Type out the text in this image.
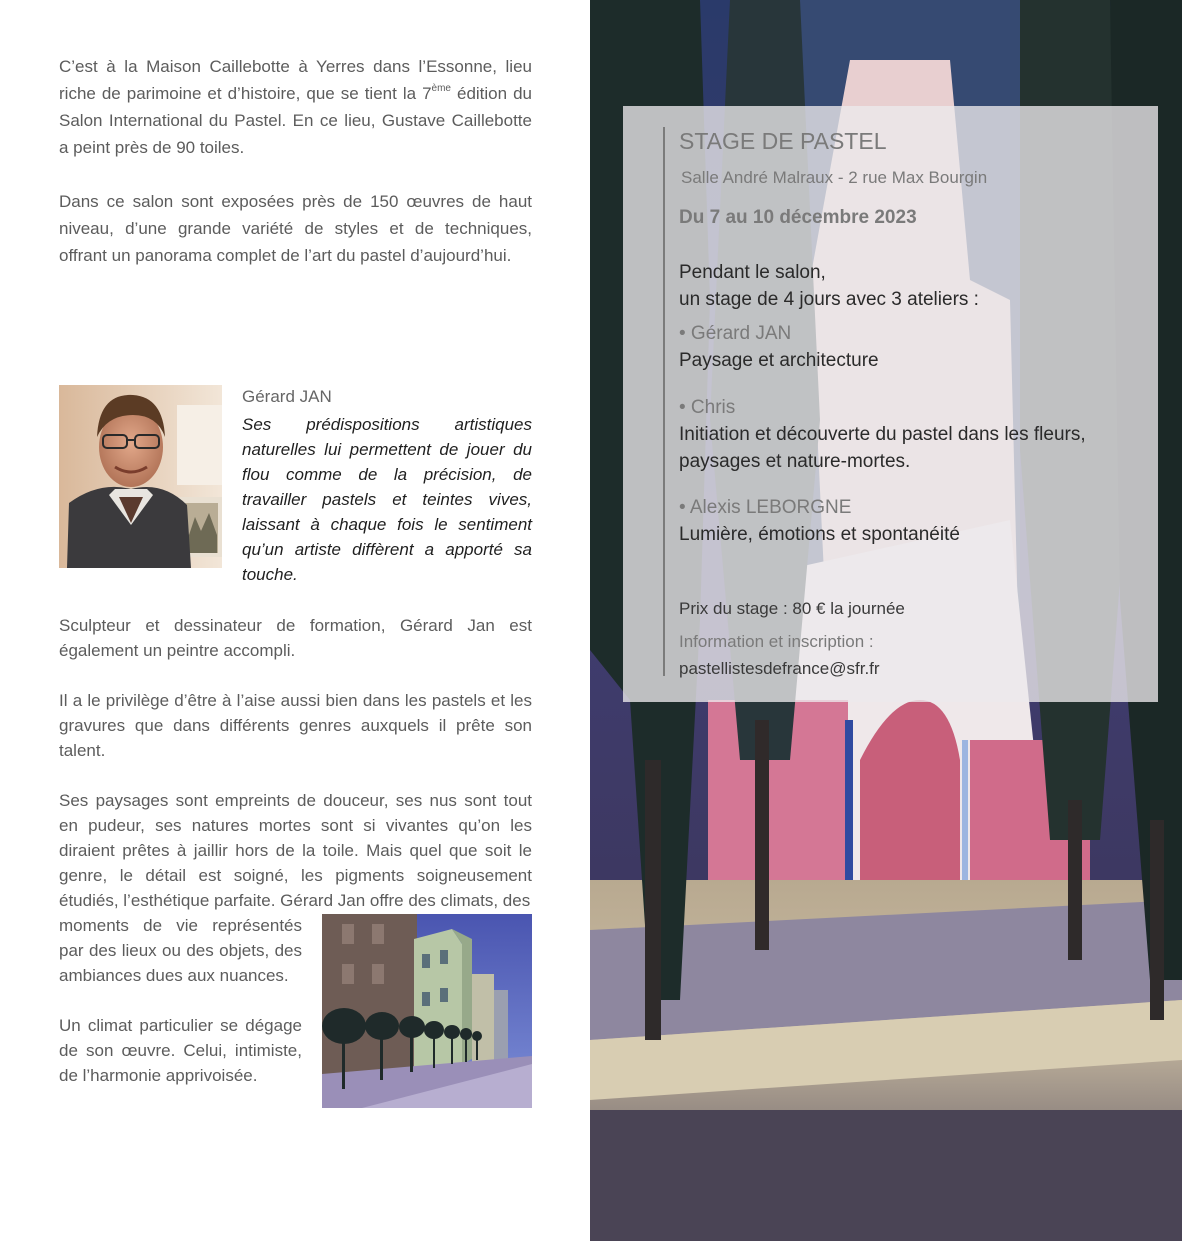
C’est à la Maison Caillebotte à Yerres dans l’Essonne, lieu riche de parimoine et d’histoire, que se tient la 7ème édition du Salon International du Pastel. En ce lieu, Gustave Caillebotte a peint près de 90 toiles.

Dans ce salon sont exposées près de 150 œuvres de haut niveau, d’une grande variété de styles et de techniques, offrant un panorama complet de l’art du pastel d’aujourd’hui.

Gérard JAN

Ses prédispositions artistiques naturelles lui permettent de jouer du flou comme de la précision, de travailler pastels et teintes vives, laissant à chaque fois le sentiment qu’un artiste diffèrent a apporté sa touche.

Sculpteur et dessinateur de formation, Gérard Jan est également un peintre accompli.

Il a le privilège d’être à l’aise aussi bien dans les pastels et les gravures que dans différents genres auxquels il prête son talent.

Ses paysages sont empreints de douceur, ses nus sont tout en pudeur, ses natures mortes sont si vivantes qu’on les diraient prêtes à jaillir hors de la toile. Mais quel que soit le genre, le détail est soigné, les pigments soigneusement étudiés, l’esthétique parfaite. Gérard Jan offre des climats, des

moments de vie représentés par des lieux ou des objets, des ambiances dues aux nuances.

Un climat particulier se dégage de son œuvre. Celui, intimiste, de l’harmonie apprivoisée.

STAGE DE PASTEL

Salle André Malraux - 2 rue Max Bourgin

Du 7 au 10 décembre 2023

Pendant le salon,
un stage de 4 jours avec 3 ateliers :

• Gérard JAN

Paysage et architecture

• Chris

Initiation et découverte du pastel dans les fleurs,
paysages et nature-mortes.

• Alexis LEBORGNE

Lumière, émotions et spontanéité

Prix du stage : 80 € la journée

Information et inscription :

pastellistesdefrance@sfr.fr
